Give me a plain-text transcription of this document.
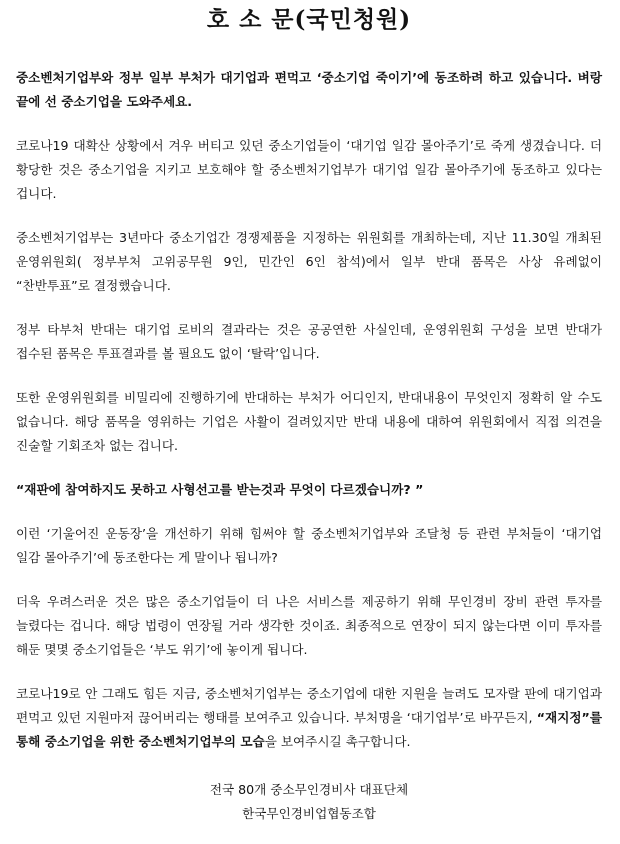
호 소 문(국민청원)

중소벤처기업부와 정부 일부 부처가 대기업과 편먹고 ‘중소기업 죽이기’에 동조하려 하고 있습니다. 벼랑 끝에 선 중소기업을 도와주세요.

코로나19 대확산 상황에서 겨우 버티고 있던 중소기업들이 ‘대기업 일감 몰아주기’로 죽게 생겼습니다. 더 황당한 것은 중소기업을 지키고 보호해야 할 중소벤처기업부가 대기업 일감 몰아주기에 동조하고 있다는 겁니다.

중소벤처기업부는 3년마다 중소기업간 경쟁제품을 지정하는 위원회를 개최하는데, 지난 11.30일 개최된 운영위원회( 정부부처 고위공무원 9인, 민간인 6인 참석)에서 일부 반대 품목은 사상 유례없이 “찬반투표”로 결정했습니다.

정부 타부처 반대는 대기업 로비의 결과라는 것은 공공연한 사실인데, 운영위원회 구성을 보면 반대가 접수된 품목은 투표결과를 볼 필요도 없이 ‘탈락’입니다.

또한 운영위원회를 비밀리에 진행하기에 반대하는 부처가 어디인지, 반대내용이 무엇인지 정확히 알 수도 없습니다. 해당 품목을 영위하는 기업은 사활이 걸려있지만 반대 내용에 대하여 위원회에서 직접 의견을 진술할 기회조차 없는 겁니다.

“재판에 참여하지도 못하고 사형선고를 받는것과 무엇이 다르겠습니까? ”

이런 ‘기울어진 운동장’을 개선하기 위해 힘써야 할 중소벤처기업부와 조달청 등 관련 부처들이 ‘대기업 일감 몰아주기’에 동조한다는 게 말이나 됩니까?

더욱 우려스러운 것은 많은 중소기업들이 더 나은 서비스를 제공하기 위해 무인경비 장비 관련 투자를 늘렸다는 겁니다. 해당 법령이 연장될 거라 생각한 것이죠. 최종적으로 연장이 되지 않는다면 이미 투자를 해둔 몇몇 중소기업들은 ‘부도 위기’에 놓이게 됩니다.

코로나19로 안 그래도 힘든 지금, 중소벤처기업부는 중소기업에 대한 지원을 늘려도 모자랄 판에 대기업과 편먹고 있던 지원마저 끊어버리는 행태를 보여주고 있습니다. 부처명을 ‘대기업부’로 바꾸든지, “재지정”를 통해 중소기업을 위한 중소벤처기업부의 모습을 보여주시길 촉구합니다.

전국 80개 중소무인경비사 대표단체
한국무인경비업협동조합
